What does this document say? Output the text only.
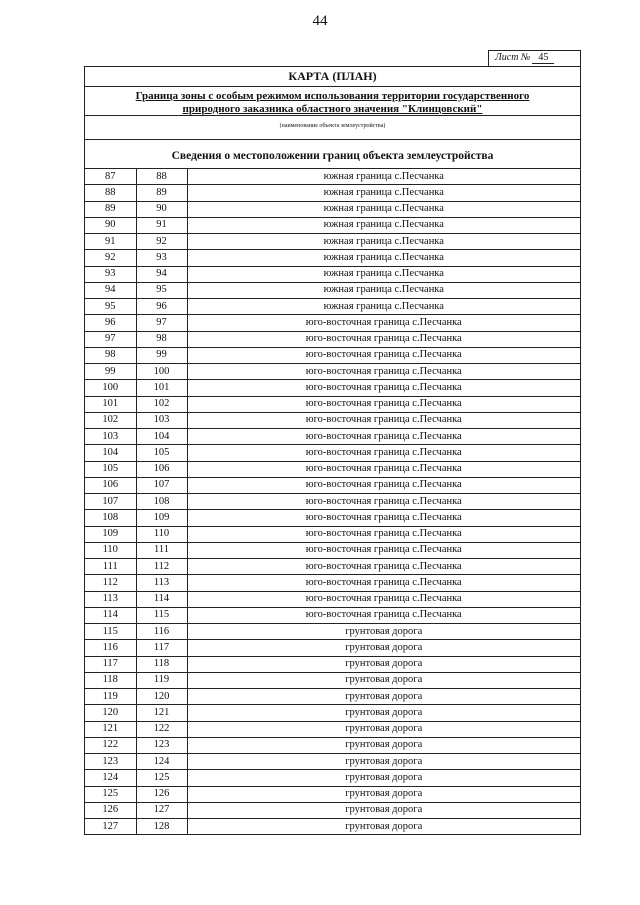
44
Лист № 45
КАРТА (ПЛАН)
Граница зоны с особым режимом использования территории государственного
природного заказника областного значения "Клинцовский"
(наименование объекта землеустройства)
Сведения о местоположении границ объекта землеустройства
87	88	южная граница с.Песчанка
88	89	южная граница с.Песчанка
89	90	южная граница с.Песчанка
90	91	южная граница с.Песчанка
91	92	южная граница с.Песчанка
92	93	южная граница с.Песчанка
93	94	южная граница с.Песчанка
94	95	южная граница с.Песчанка
95	96	южная граница с.Песчанка
96	97	юго-восточная граница с.Песчанка
97	98	юго-восточная граница с.Песчанка
98	99	юго-восточная граница с.Песчанка
99	100	юго-восточная граница с.Песчанка
100	101	юго-восточная граница с.Песчанка
101	102	юго-восточная граница с.Песчанка
102	103	юго-восточная граница с.Песчанка
103	104	юго-восточная граница с.Песчанка
104	105	юго-восточная граница с.Песчанка
105	106	юго-восточная граница с.Песчанка
106	107	юго-восточная граница с.Песчанка
107	108	юго-восточная граница с.Песчанка
108	109	юго-восточная граница с.Песчанка
109	110	юго-восточная граница с.Песчанка
110	111	юго-восточная граница с.Песчанка
111	112	юго-восточная граница с.Песчанка
112	113	юго-восточная граница с.Песчанка
113	114	юго-восточная граница с.Песчанка
114	115	юго-восточная граница с.Песчанка
115	116	грунтовая дорога
116	117	грунтовая дорога
117	118	грунтовая дорога
118	119	грунтовая дорога
119	120	грунтовая дорога
120	121	грунтовая дорога
121	122	грунтовая дорога
122	123	грунтовая дорога
123	124	грунтовая дорога
124	125	грунтовая дорога
125	126	грунтовая дорога
126	127	грунтовая дорога
127	128	грунтовая дорога
